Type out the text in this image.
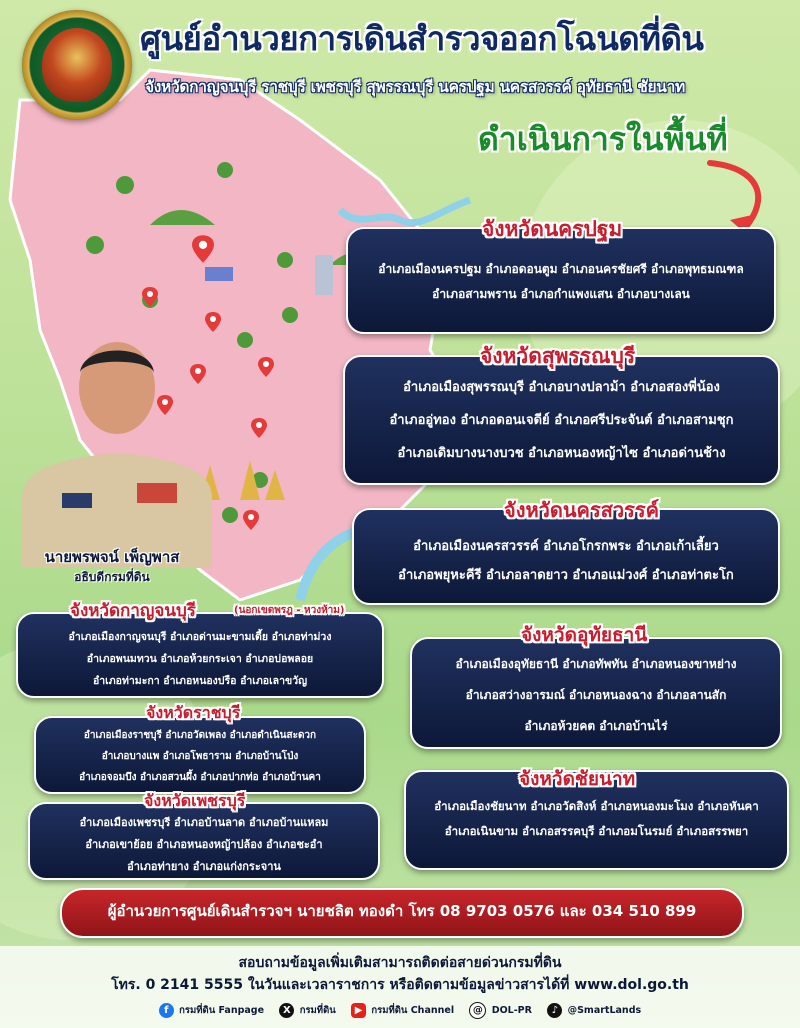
ศูนย์อำนวยการเดินสำรวจออกโฉนดที่ดิน
จังหวัดกาญจนบุรี ราชบุรี เพชรบุรี สุพรรณบุรี นครปฐม นครสวรรค์ อุทัยธานี ชัยนาท
ดำเนินการในพื้นที่
นายพรพจน์ เพ็ญพาส
อธิบดีกรมที่ดิน
อำเภอเมืองนครปฐม อำเภอดอนตูม อำเภอนครชัยศรี อำเภอพุทธมณฑล
อำเภอสามพราน อำเภอกำแพงแสน อำเภอบางเลน
จังหวัดนครปฐม
อำเภอเมืองสุพรรณบุรี อำเภอบางปลาม้า อำเภอสองพี่น้อง
อำเภออู่ทอง อำเภอดอนเจดีย์ อำเภอศรีประจันต์ อำเภอสามชุก
อำเภอเดิมบางนางบวช อำเภอหนองหญ้าไซ อำเภอด่านช้าง
จังหวัดสุพรรณบุรี
อำเภอเมืองนครสวรรค์ อำเภอโกรกพระ อำเภอเก้าเลี้ยว
อำเภอพยุหะคีรี อำเภอลาดยาว อำเภอแม่วงศ์ อำเภอท่าตะโก
จังหวัดนครสวรรค์
อำเภอเมืองกาญจนบุรี อำเภอด่านมะขามเตี้ย อำเภอท่าม่วง
อำเภอพนมทวน อำเภอห้วยกระเจา อำเภอบ่อพลอย
อำเภอท่ามะกา อำเภอหนองปรือ อำเภอเลาขวัญ
จังหวัดกาญจนบุรี	(นอกเขตพรฎ - หวงห้าม)
อำเภอเมืองอุทัยธานี อำเภอทัพทัน อำเภอหนองขาหย่าง
อำเภอสว่างอารมณ์ อำเภอหนองฉาง อำเภอลานสัก
อำเภอห้วยคต อำเภอบ้านไร่
จังหวัดอุทัยธานี
อำเภอเมืองราชบุรี อำเภอวัดเพลง อำเภอดำเนินสะดวก
อำเภอบางแพ อำเภอโพธาราม อำเภอบ้านโป่ง
อำเภอจอมบึง อำเภอสวนผึ้ง อำเภอปากท่อ อำเภอบ้านคา
จังหวัดราชบุรี
อำเภอเมืองชัยนาท อำเภอวัดสิงห์ อำเภอหนองมะโมง อำเภอหันคา
อำเภอเนินขาม อำเภอสรรคบุรี อำเภอมโนรมย์ อำเภอสรรพยา
จังหวัดชัยนาท
อำเภอเมืองเพชรบุรี อำเภอบ้านลาด อำเภอบ้านแหลม
อำเภอเขาย้อย อำเภอหนองหญ้าปล้อง อำเภอชะอำ
อำเภอท่ายาง อำเภอแก่งกระจาน
จังหวัดเพชรบุรี
ผู้อำนวยการศูนย์เดินสำรวจฯ นายชลิต ทองดำ โทร 08 9703 0576 และ 034 510 899
สอบถามข้อมูลเพิ่มเติมสามารถติดต่อสายด่วนกรมที่ดิน
โทร. 0 2141 5555 ในวันและเวลาราชการ หรือติดตามข้อมูลข่าวสารได้ที่ www.dol.go.th
f กรมที่ดิน Fanpage X กรมที่ดิน ▶ กรมที่ดิน Channel @ DOL-PR ♪ @SmartLands
